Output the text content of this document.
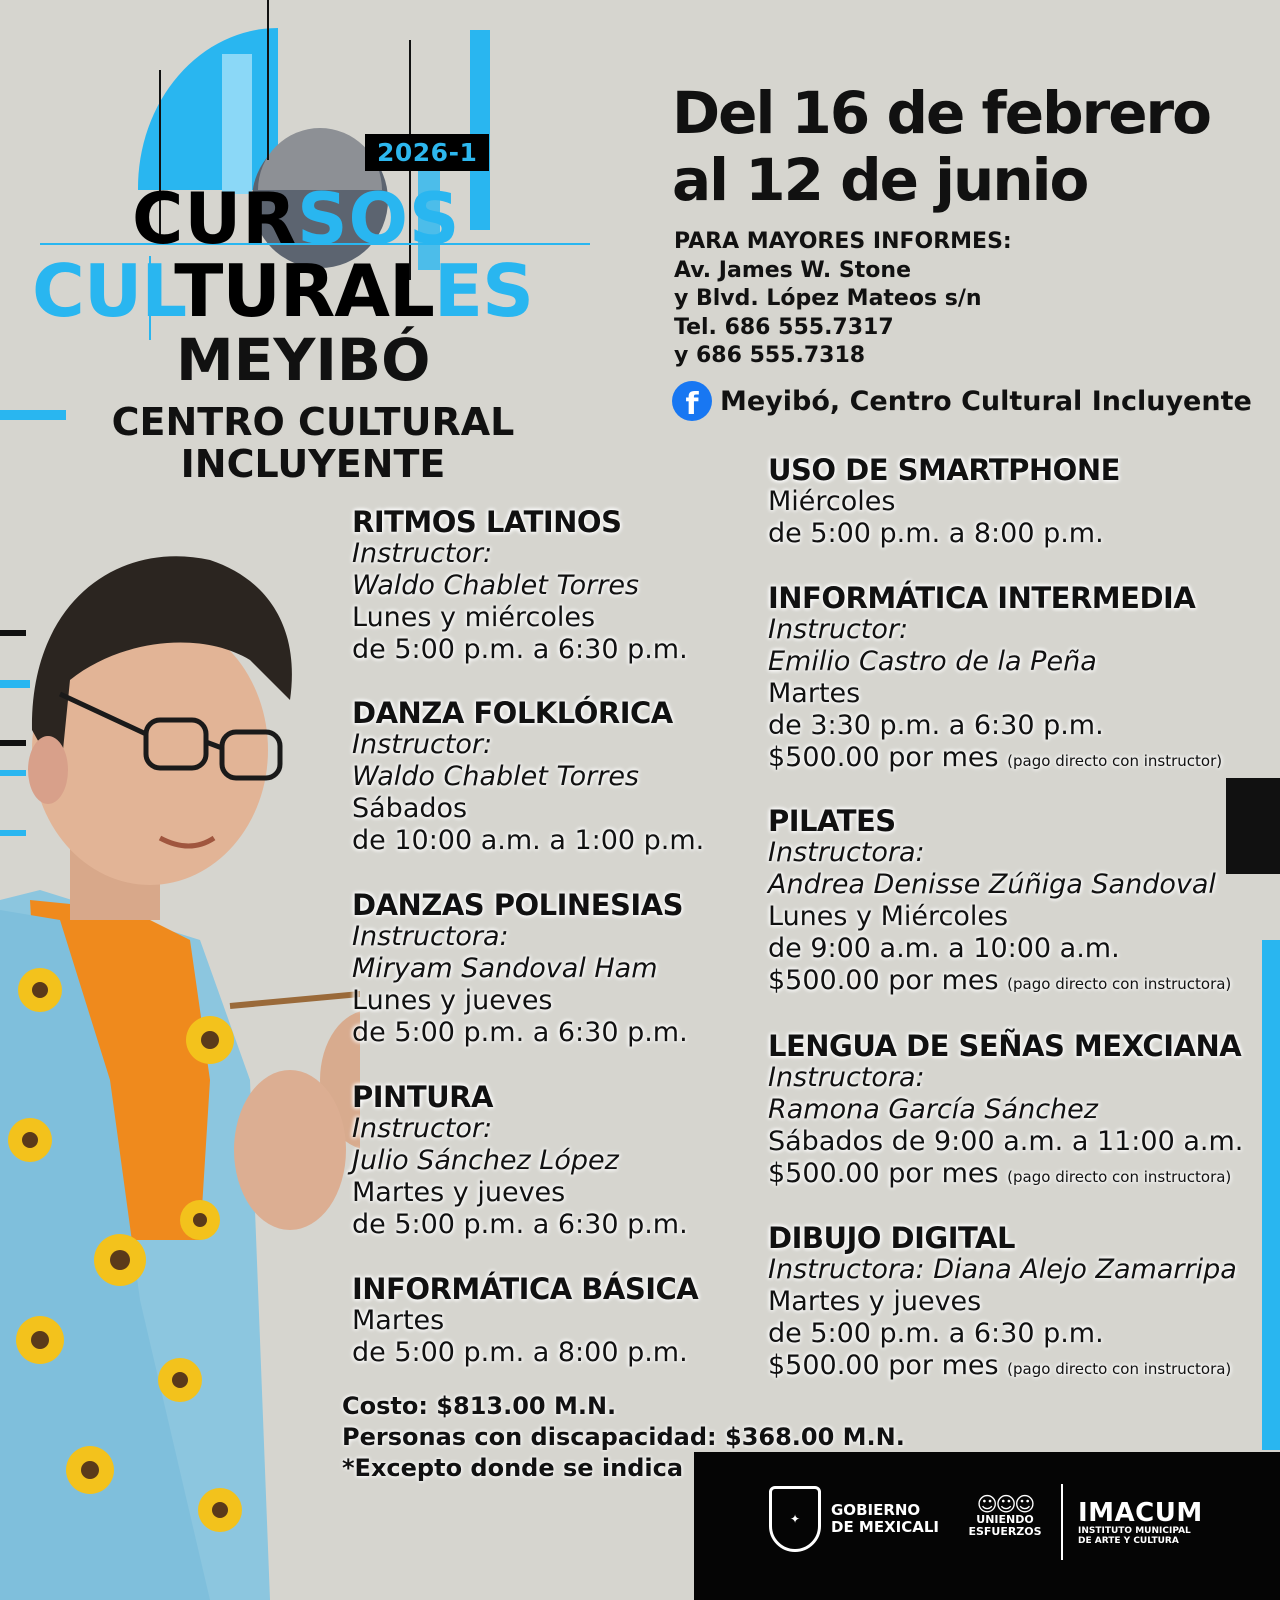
2026-1
CURSOS
CULTURALES
MEYIBÓ
CENTRO CULTURAL
INCLUYENTE
Del 16 de febrero
al 12 de junio
PARA MAYORES INFORMES:
Av. James W. Stone
y Blvd. López Mateos s/n
Tel. 686 555.7317
y 686 555.7318
f Meyibó, Centro Cultural Incluyente
RITMOS LATINOS
Instructor:
Waldo Chablet Torres
Lunes y miércoles
de 5:00 p.m. a 6:30 p.m.
DANZA FOLKLÓRICA
Instructor:
Waldo Chablet Torres
Sábados
de 10:00 a.m. a 1:00 p.m.
DANZAS POLINESIAS
Instructora:
Miryam Sandoval Ham
Lunes y jueves
de 5:00 p.m. a 6:30 p.m.
PINTURA
Instructor:
Julio Sánchez López
Martes y jueves
de 5:00 p.m. a 6:30 p.m.
INFORMÁTICA BÁSICA
Martes
de 5:00 p.m. a 8:00 p.m.
USO DE SMARTPHONE
Miércoles
de 5:00 p.m. a 8:00 p.m.
INFORMÁTICA INTERMEDIA
Instructor:
Emilio Castro de la Peña
Martes
de 3:30 p.m. a 6:30 p.m.
$500.00 por mes (pago directo con instructor)
PILATES
Instructora:
Andrea Denisse Zúñiga Sandoval
Lunes y Miércoles
de 9:00 a.m. a 10:00 a.m.
$500.00 por mes (pago directo con instructora)
LENGUA DE SEÑAS MEXCIANA
Instructora:
Ramona García Sánchez
Sábados de 9:00 a.m. a 11:00 a.m.
$500.00 por mes (pago directo con instructora)
DIBUJO DIGITAL
Instructora: Diana Alejo Zamarripa
Martes y jueves
de 5:00 p.m. a 6:30 p.m.
$500.00 por mes (pago directo con instructora)
Costo: $813.00 M.N.
Personas con discapacidad: $368.00 M.N.
*Excepto donde se indica
✦	GOBIERNO
DE MEXICALI
☺☺☺
UNIENDO
ESFUERZOS
IMACUM
INSTITUTO MUNICIPAL
DE ARTE Y CULTURA
